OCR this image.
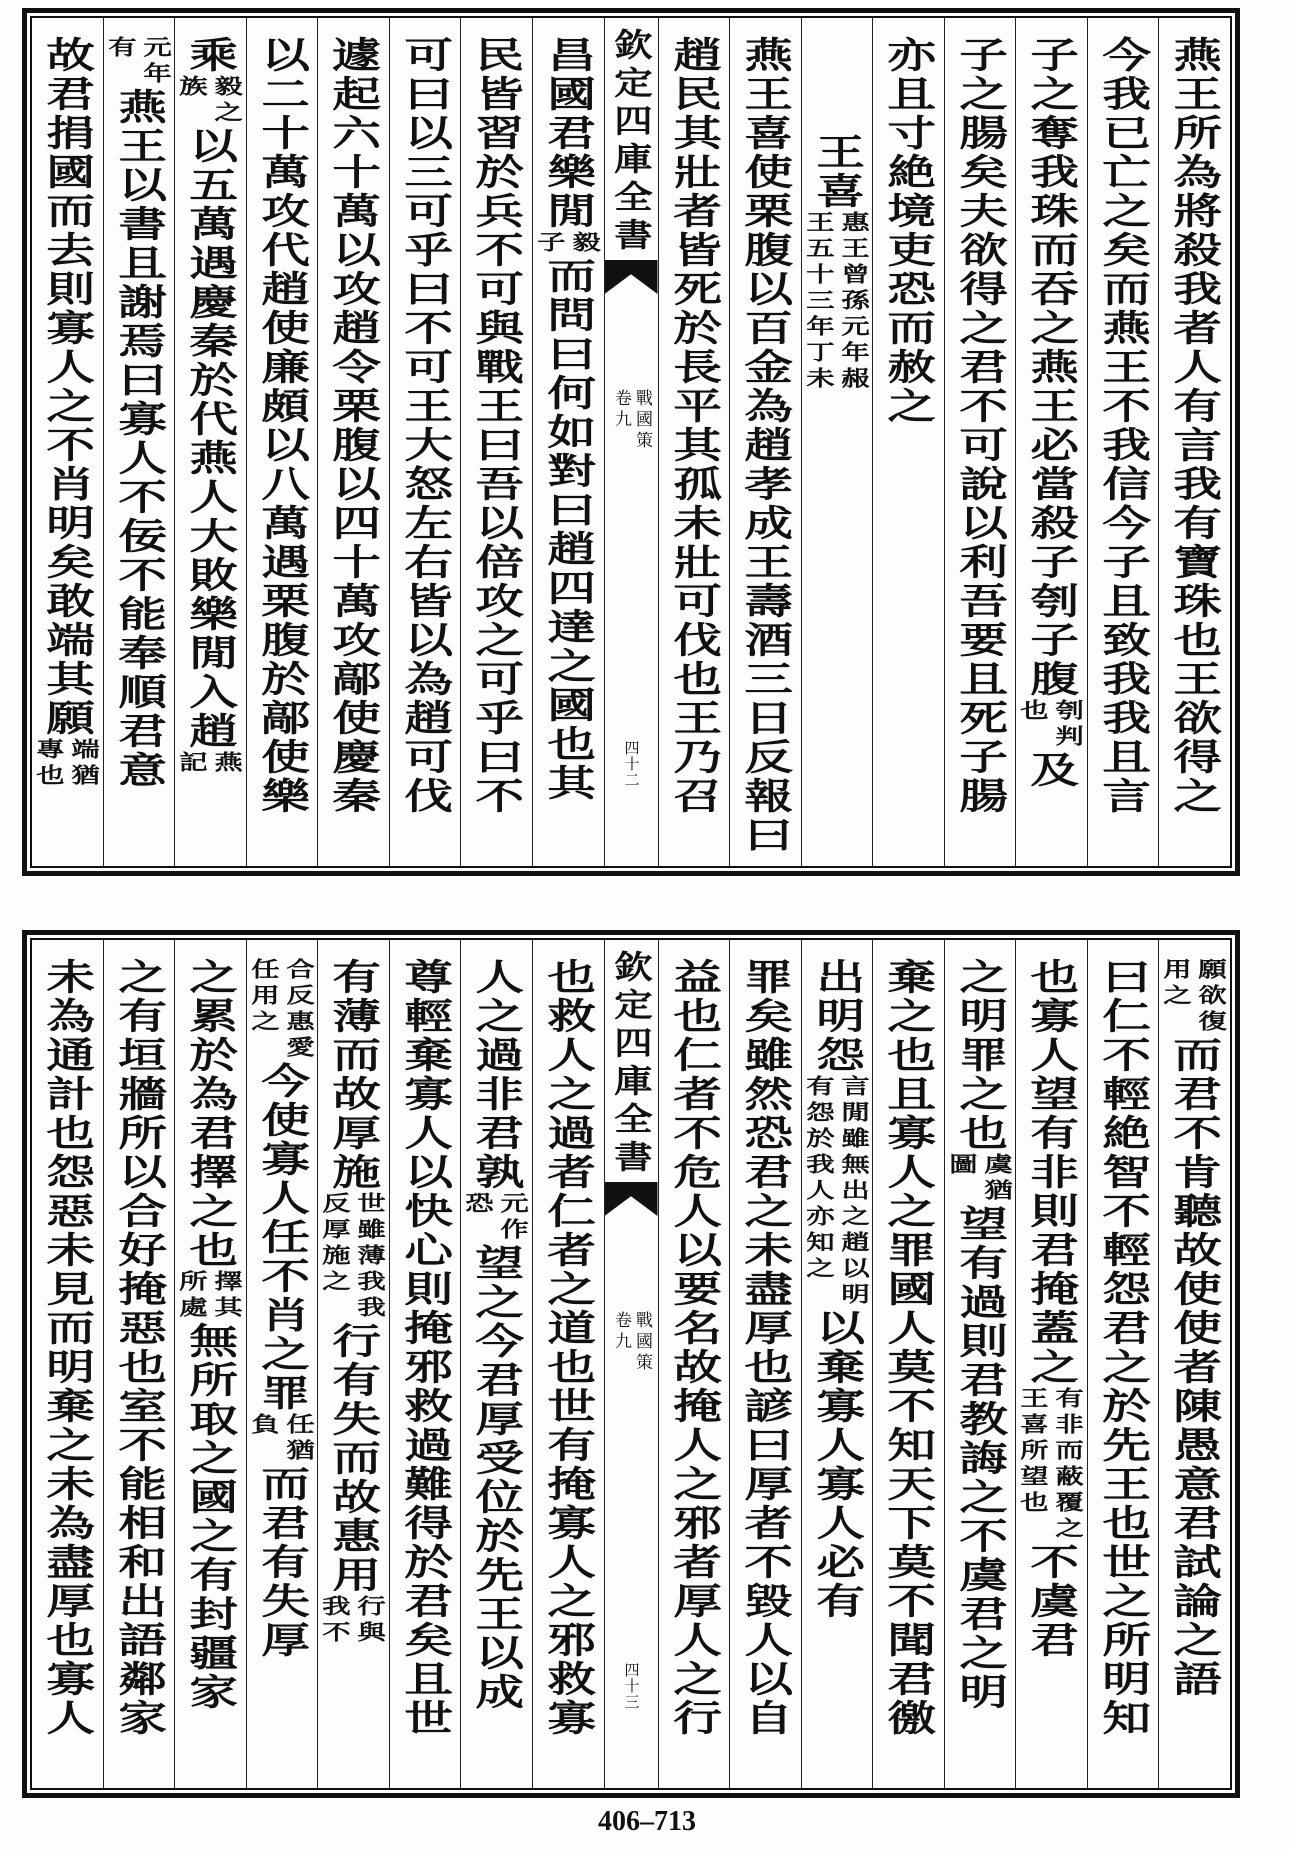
燕王所為將殺我者人有言我有寶珠也王欲得之
今我已亡之矣而燕王不我信今子且致我我且言
子之奪我珠而吞之燕王必當殺子刳子腹
刳判
也
及
子之腸矣夫欲得之君不可說以利吾要且死子腸
亦且寸絶境吏恐而赦之
王喜
惠王曾孫元年赧
王五十三年丁未
燕王喜使栗腹以百金為趙孝成王壽酒三日反報曰
趙民其壯者皆死於長平其孤未壯可伐也王乃召
欽定四庫全書
戰國策
卷九
四十二
昌國君樂閒
毅
子
而問曰何如對曰趙四達之國也其
民皆習於兵不可與戰王曰吾以倍攻之可乎曰不
可曰以三可乎曰不可王大怒左右皆以為趙可伐
遽起六十萬以攻趙令栗腹以四十萬攻鄗使慶秦
以二十萬攻代趙使廉頗以八萬遇栗腹於鄗使樂
乘
毅之
族
以五萬遇慶秦於代燕人大敗樂閒入趙
燕
記
元年
有
燕王以書且謝焉曰寡人不佞不能奉順君意
故君捐國而去則寡人之不肖明矣敢端其願
端猶
專也
願欲復
用之
而君不肯聽故使使者陳愚意君試論之語
曰仁不輕絶智不輕怨君之於先王也世之所明知
也寡人望有非則君掩蓋之
有非而蔽覆之
王喜所望也
不虞君
之明罪之也
虞猶
圖
望有過則君教誨之不虞君之明
棄之也且寡人之罪國人莫不知天下莫不聞君徼
出明怨
言閒雖無出之趙以明
有怨於我人亦知之
以棄寡人寡人必有
罪矣雖然恐君之未盡厚也諺曰厚者不毀人以自
益也仁者不危人以要名故掩人之邪者厚人之行
欽定四庫全書
戰國策
卷九
四十三
也救人之過者仁者之道也世有掩寡人之邪救寡
人之過非君孰
元作
恐
望之今君厚受位於先王以成
尊輕棄寡人以快心則掩邪救過難得於君矣且世
有薄而故厚施
世雖薄我我
反厚施之
行有失而故惠用
行與
我不
合反惠愛
任用之
今使寡人任不肖之罪
任猶
負
而君有失厚
之累於為君擇之也
擇其
所處
無所取之國之有封疆家
之有垣牆所以合好掩惡也室不能相和出語鄰家
未為通計也怨惡未見而明棄之未為盡厚也寡人
406–713
